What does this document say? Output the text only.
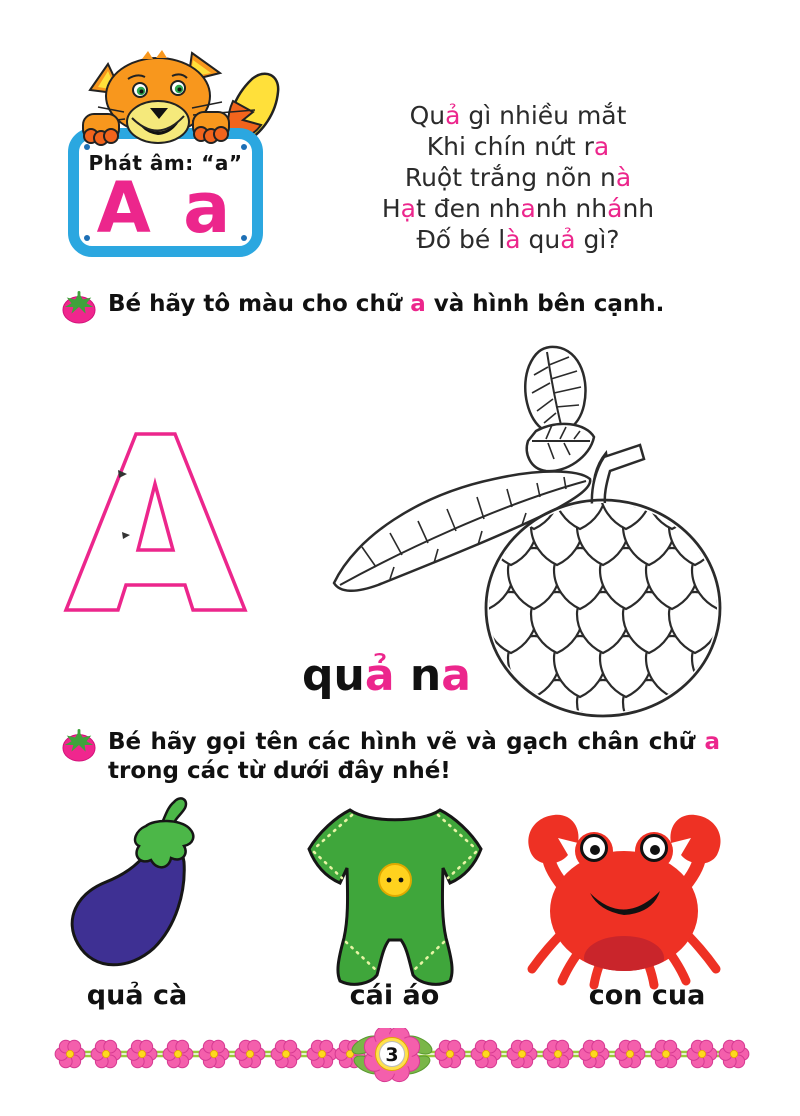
Phát âm: “a”
A a
Quả gì nhiều mắt
Khi chín nứt ra
Ruột trắng nõn nà
Hạt đen nhanh nhánh
Đố bé là quả gì?
Bé hãy tô màu cho chữ a và hình bên cạnh.
quả na
Bé hãy gọi tên các hình vẽ và gạch chân chữ a
trong các từ dưới đây nhé!
quả cà	cái áo	con cua
3
